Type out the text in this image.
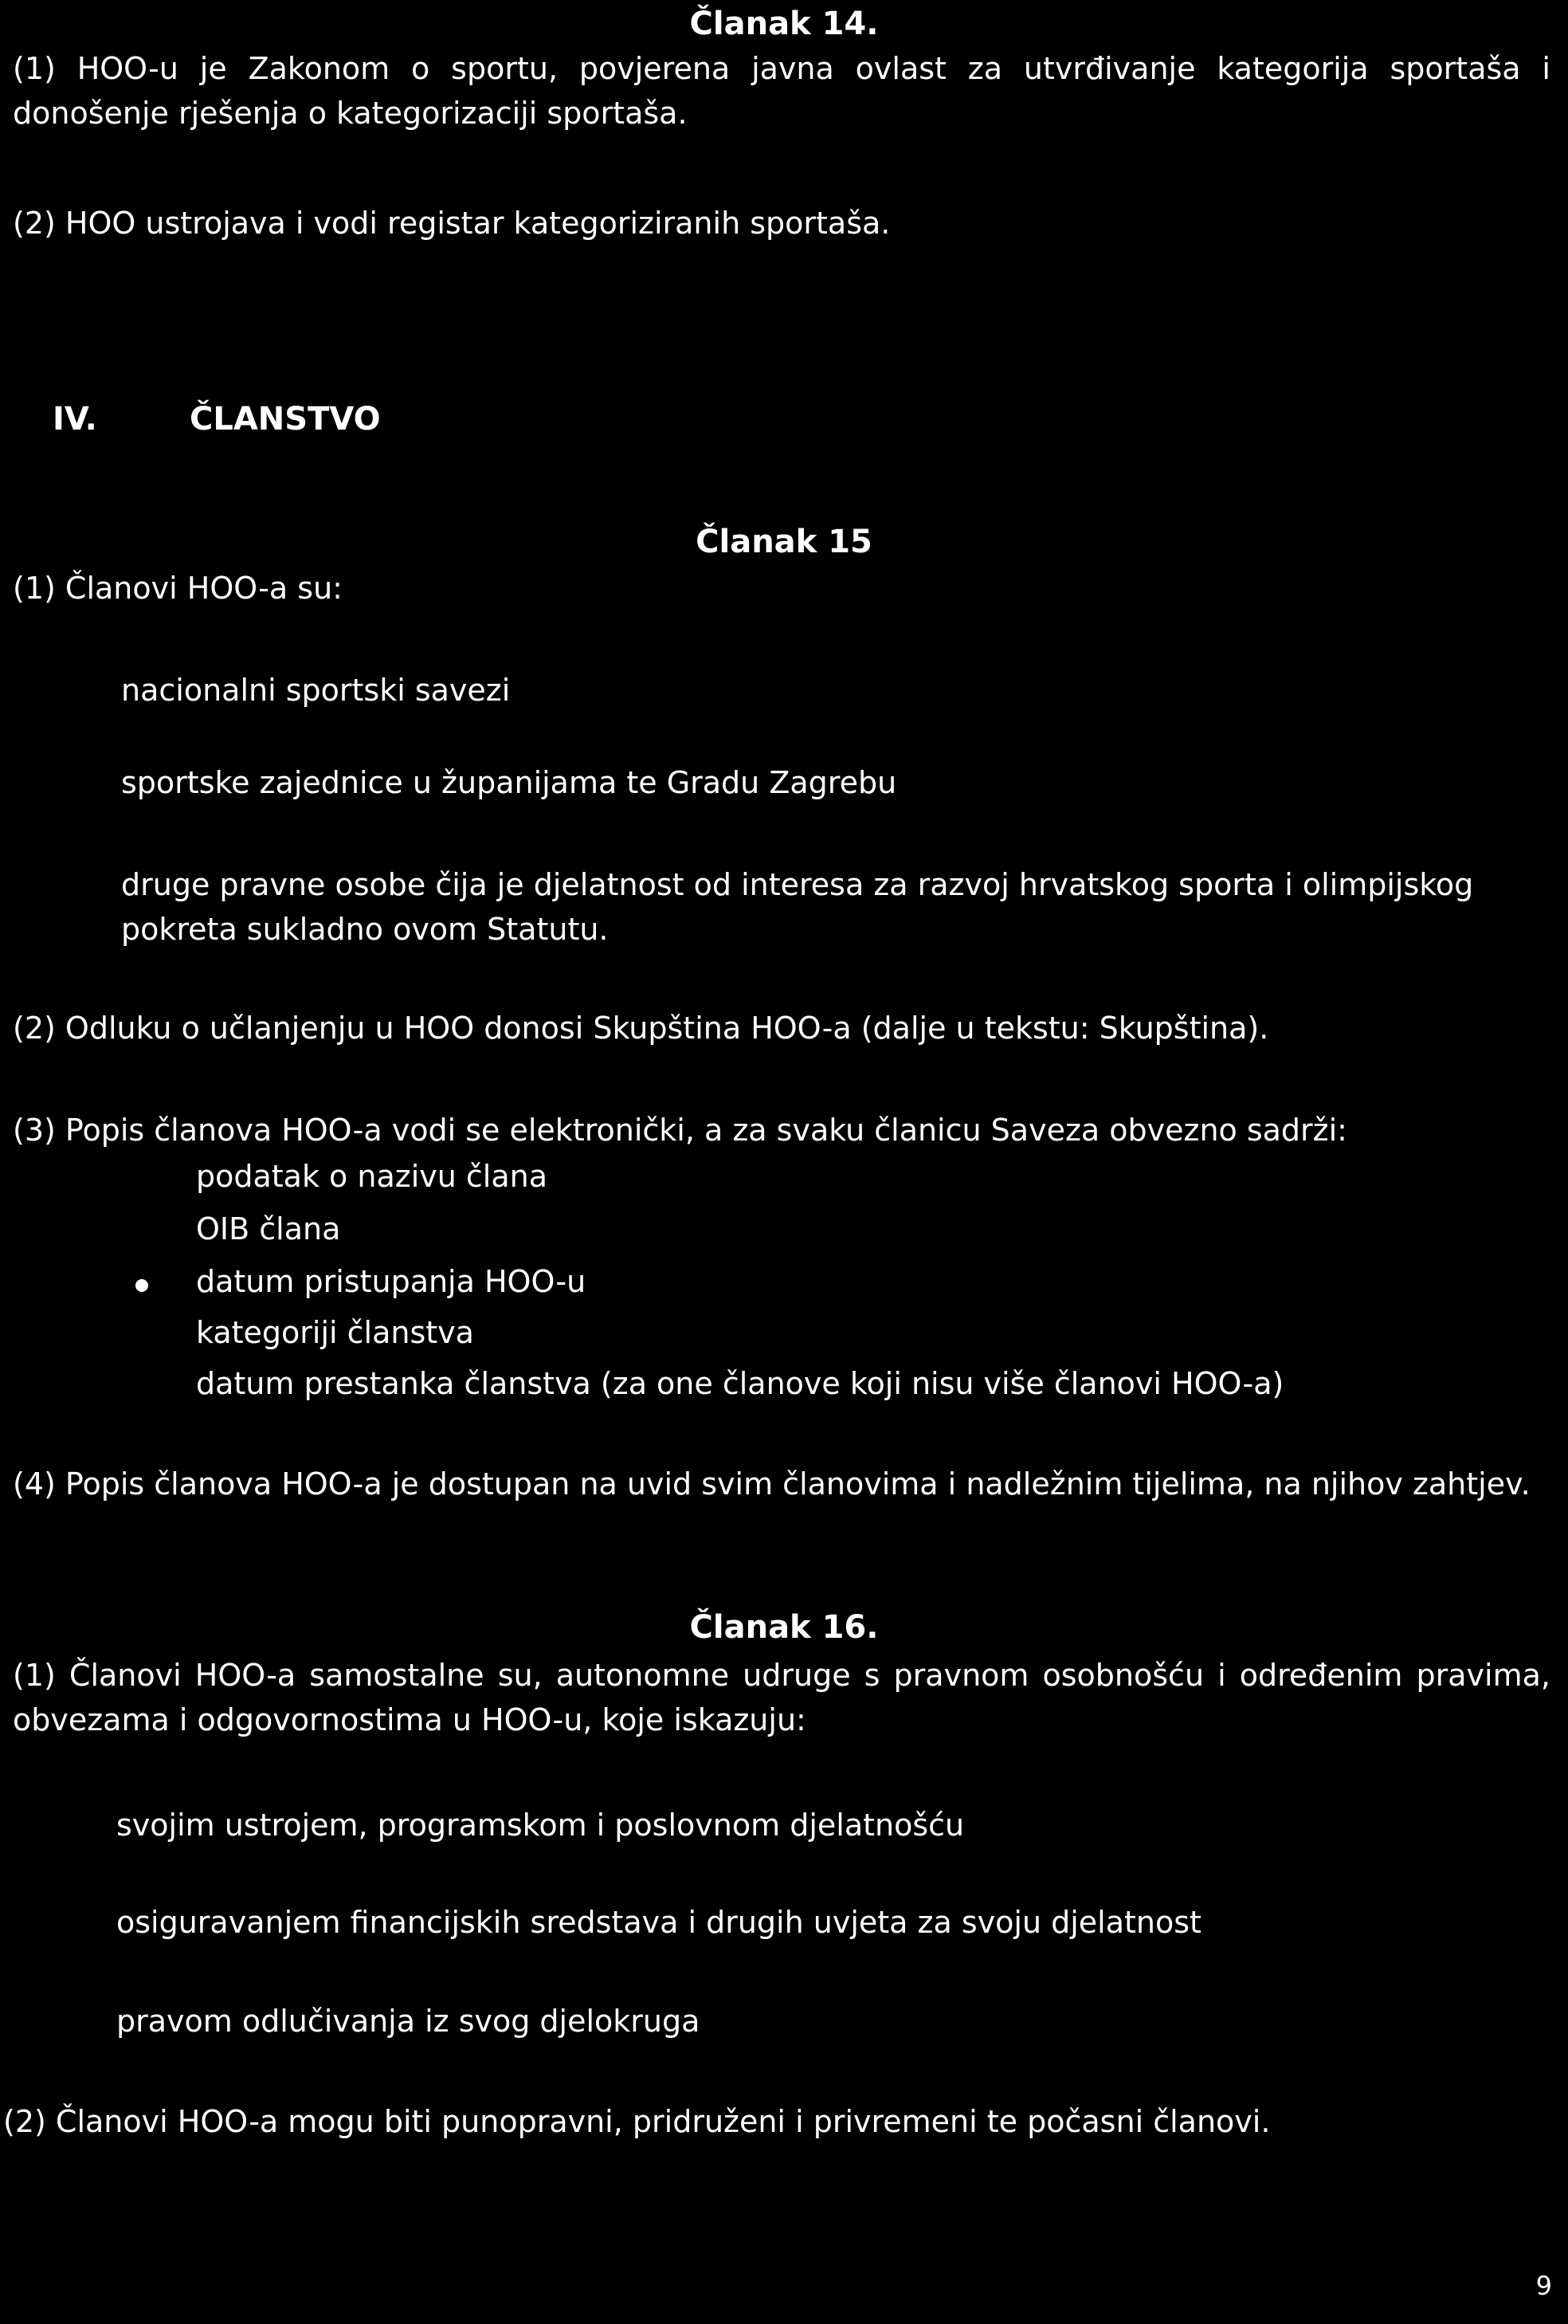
Članak 14.
(1) HOO-u je Zakonom o sportu, povjerena javna ovlast za utvrđivanje kategorija sportaša i donošenje rješenja o kategorizaciji sportaša.
(2) HOO ustrojava i vodi registar kategoriziranih sportaša.
IV.	ČLANSTVO
Članak 15
(1) Članovi HOO-a su:
nacionalni sportski savezi
sportske zajednice u županijama te Gradu Zagrebu
druge pravne osobe čija je djelatnost od interesa za razvoj hrvatskog sporta i olimpijskog pokreta sukladno ovom Statutu.
(2) Odluku o učlanjenju u HOO donosi Skupština HOO-a (dalje u tekstu: Skupština).
(3) Popis članova HOO-a vodi se elektronički, a za svaku članicu Saveza obvezno sadrži:
podatak o nazivu člana
OIB člana
datum pristupanja HOO-u
kategoriji članstva
datum prestanka članstva (za one članove koji nisu više članovi HOO-a)
(4) Popis članova HOO-a je dostupan na uvid svim članovima i nadležnim tijelima, na njihov zahtjev.
Članak 16.
(1) Članovi HOO-a samostalne su, autonomne udruge s pravnom osobnošću i određenim pravima, obvezama i odgovornostima u HOO-u, koje iskazuju:
svojim ustrojem, programskom i poslovnom djelatnošću
osiguravanjem financijskih sredstava i drugih uvjeta za svoju djelatnost
pravom odlučivanja iz svog djelokruga
(2) Članovi HOO-a mogu biti punopravni, pridruženi i privremeni te počasni članovi.
9
